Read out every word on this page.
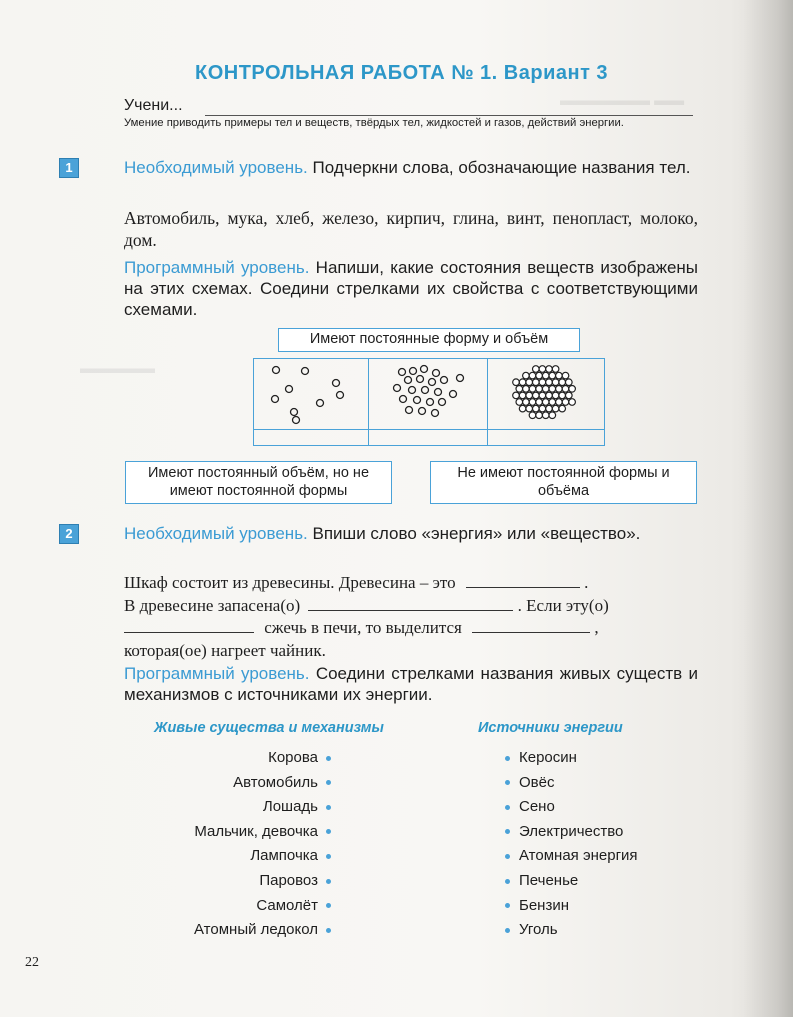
▬▬▬▬▬▬ ▬▬
▬▬▬▬▬
КОНТРОЛЬНАЯ РАБОТА № 1. Вариант 3
Учени...
Умение приводить примеры тел и веществ, твёрдых тел, жидкостей и газов, действий энергии.
1	Необходимый уровень. Подчеркни слова, обозначающие названия тел.
Автомобиль, мука, хлеб, железо, кирпич, глина, винт, пенопласт, молоко, дом.
Программный уровень. Напиши, какие состояния веществ изображены на этих схемах. Соедини стрелками их свойства с соответствующими схемами.
Имеют постоянные форму и объём
Имеют постоянный объём, но не имеют постоянной формы
Не имеют постоянной формы и объёма
2	Необходимый уровень. Впиши слово «энергия» или «вещество».
Шкаф состоит из древесины. Древесина – это	.
В древесине запасена(о)	. Если эту(о)
сжечь в печи, то выделится	,
которая(ое) нагреет чайник.
Программный уровень. Соедини стрелками названия живых существ и механизмов с источниками их энергии.
Живые существа и механизмы	Источники энергии
Корова
Автомобиль
Лошадь
Мальчик, девочка
Лампочка
Паровоз
Самолёт
Атомный ледокол
Керосин
Овёс
Сено
Электричество
Атомная энергия
Печенье
Бензин
Уголь
22
